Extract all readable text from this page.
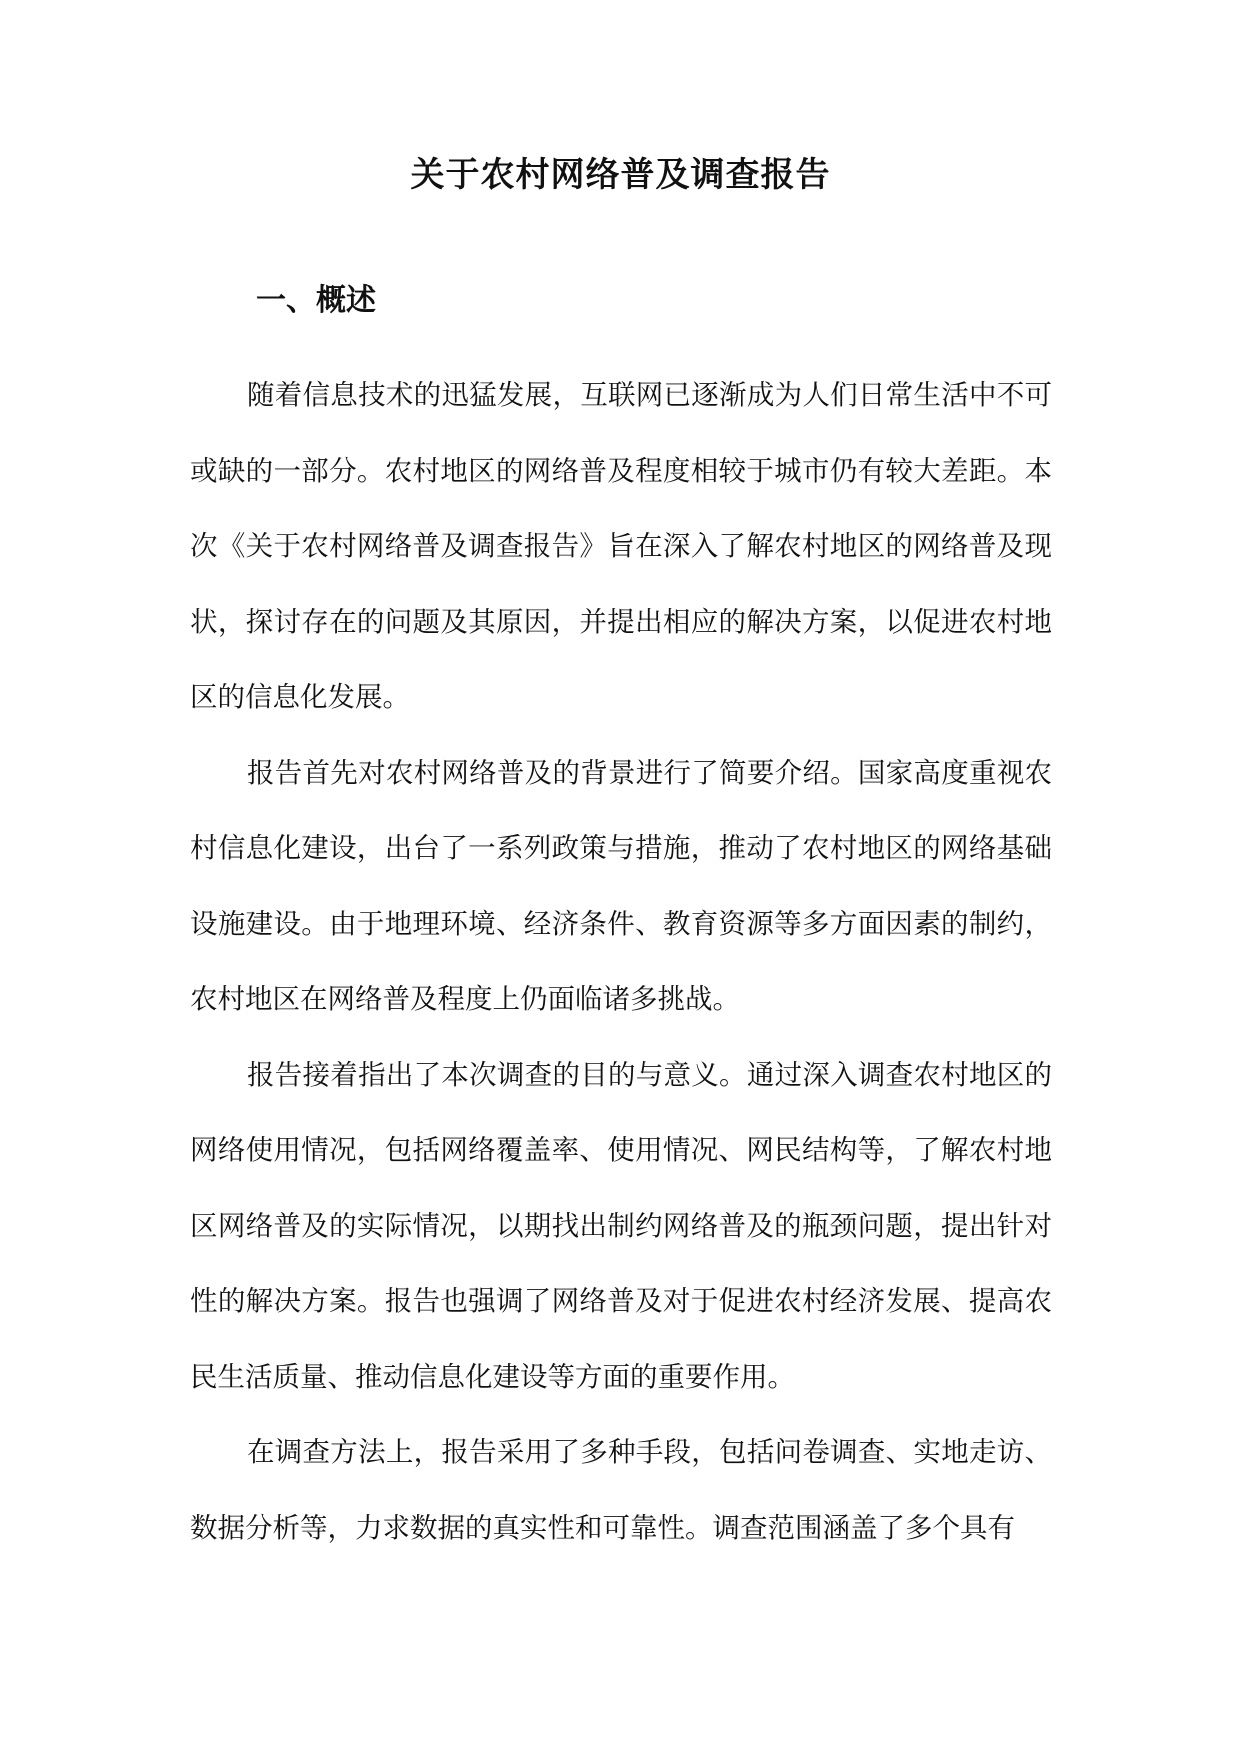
关于农村网络普及调查报告
一、概述

随着信息技术的迅猛发展，互联网已逐渐成为人们日常生活中不可或缺的一部分。农村地区的网络普及程度相较于城市仍有较大差距。本次《关于农村网络普及调查报告》旨在深入了解农村地区的网络普及现状，探讨存在的问题及其原因，并提出相应的解决方案，以促进农村地区的信息化发展。

报告首先对农村网络普及的背景进行了简要介绍。国家高度重视农村信息化建设，出台了一系列政策与措施，推动了农村地区的网络基础设施建设。由于地理环境、经济条件、教育资源等多方面因素的制约，农村地区在网络普及程度上仍面临诸多挑战。

报告接着指出了本次调查的目的与意义。通过深入调查农村地区的网络使用情况，包括网络覆盖率、使用情况、网民结构等，了解农村地区网络普及的实际情况，以期找出制约网络普及的瓶颈问题，提出针对性的解决方案。报告也强调了网络普及对于促进农村经济发展、提高农民生活质量、推动信息化建设等方面的重要作用。

在调查方法上，报告采用了多种手段，包括问卷调查、实地走访、数据分析等，力求数据的真实性和可靠性。调查范围涵盖了多个具有
